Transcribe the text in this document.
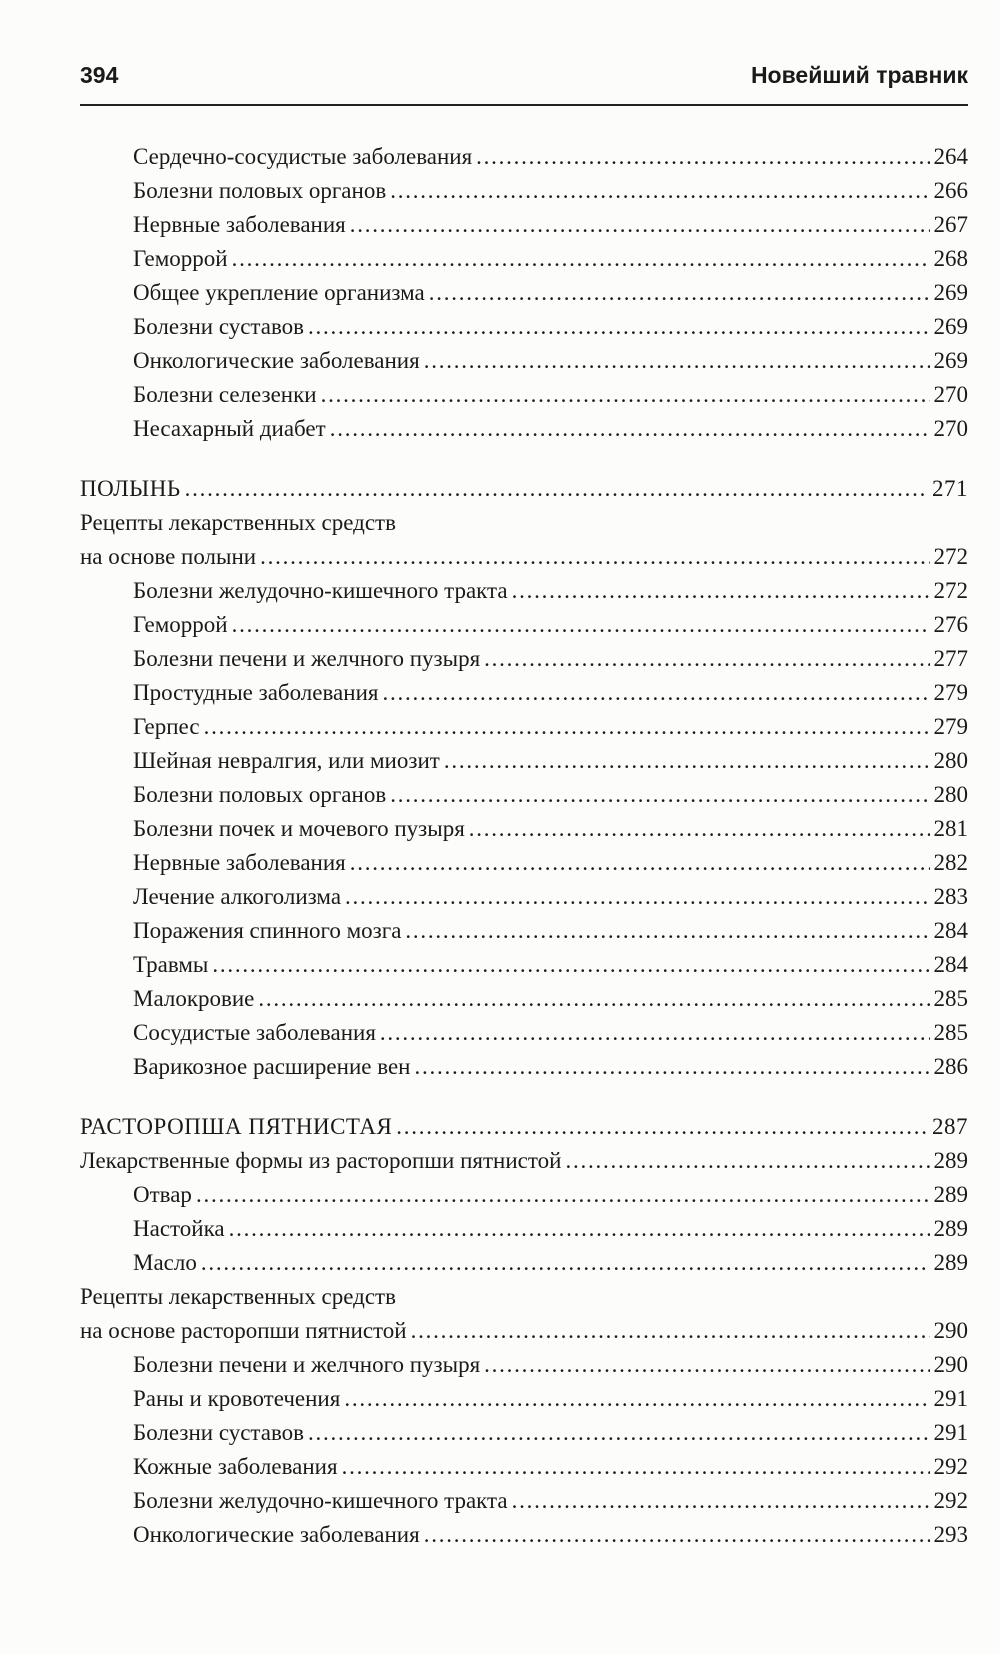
394	Новейший травник
Сердечно-сосудистые заболевания . . .	264
Болезни половых органов . . .	266
Нервные заболевания . . .	267
Геморрой . . .	268
Общее укрепление организма . . .	269
Болезни суставов . . .	269
Онкологические заболевания . . .	269
Болезни селезенки . . .	270
Несахарный диабет . . .	270
ПОЛЫНЬ . . .	271
Рецепты лекарственных средств
на основе полыни . . .	272
Болезни желудочно-кишечного тракта . . .	272
Геморрой . . .	276
Болезни печени и желчного пузыря . . .	277
Простудные заболевания . . .	279
Герпес . . .	279
Шейная невралгия, или миозит . . .	280
Болезни половых органов . . .	280
Болезни почек и мочевого пузыря . . .	281
Нервные заболевания . . .	282
Лечение алкоголизма . . .	283
Поражения спинного мозга . . .	284
Травмы . . .	284
Малокровие . . .	285
Сосудистые заболевания . . .	285
Варикозное расширение вен . . .	286
РАСТОРОПША ПЯТНИСТАЯ . . .	287
Лекарственные формы из расторопши пятнистой . . .	289
Отвар . . .	289
Настойка . . .	289
Масло . . .	289
Рецепты лекарственных средств
на основе расторопши пятнистой . . .	290
Болезни печени и желчного пузыря . . .	290
Раны и кровотечения . . .	291
Болезни суставов . . .	291
Кожные заболевания . . .	292
Болезни желудочно-кишечного тракта . . .	292
Онкологические заболевания . . .	293
